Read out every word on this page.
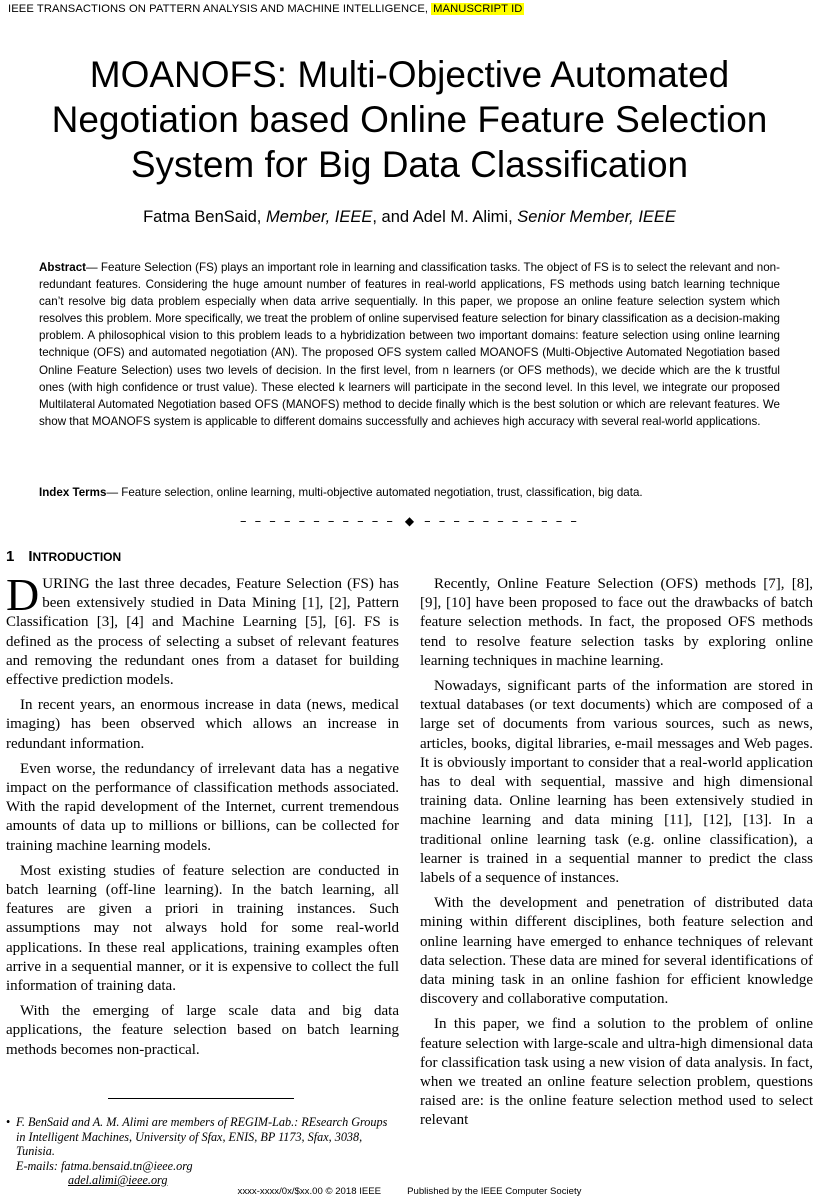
IEEE TRANSACTIONS ON PATTERN ANALYSIS AND MACHINE INTELLIGENCE, MANUSCRIPT ID
MOANOFS: Multi-Objective Automated
Negotiation based Online Feature Selection
System for Big Data Classification
Fatma BenSaid, Member, IEEE, and Adel M. Alimi, Senior Member, IEEE
Abstract— Feature Selection (FS) plays an important role in learning and classification tasks. The object of FS is to select the relevant and non-redundant features. Considering the huge amount number of features in real-world applications, FS methods using batch learning technique can’t resolve big data problem especially when data arrive sequentially. In this paper, we propose an online feature selection system which resolves this problem. More specifically, we treat the problem of online supervised feature selection for binary classification as a decision-making problem. A philosophical vision to this problem leads to a hybridization between two important domains: feature selection using online learning technique (OFS) and automated negotiation (AN). The proposed OFS system called MOANOFS (Multi-Objective Automated Negotiation based Online Feature Selection) uses two levels of decision. In the first level, from n learners (or OFS methods), we decide which are the k trustful ones (with high confidence or trust value). These elected k learners will participate in the second level. In this level, we integrate our proposed Multilateral Automated Negotiation based OFS (MANOFS) method to decide finally which is the best solution or which are relevant features. We show that MOANOFS system is applicable to different domains successfully and achieves high accuracy with several real-world applications.
Index Terms— Feature selection, online learning, multi-objective automated negotiation, trust, classification, big data.
– – – – – – – – – – – ◆ – – – – – – – – – – –
1 INTRODUCTION

DURING the last three decades, Feature Selection (FS) has been extensively studied in Data Mining [1], [2], Pattern Classification [3], [4] and Machine Learning [5], [6]. FS is defined as the process of selecting a subset of relevant features and removing the redundant ones from a dataset for building effective prediction models.

In recent years, an enormous increase in data (news, medical imaging) has been observed which allows an increase in redundant information.

Even worse, the redundancy of irrelevant data has a negative impact on the performance of classification methods associated. With the rapid development of the Internet, current tremendous amounts of data up to millions or billions, can be collected for training machine learning models.

Most existing studies of feature selection are conducted in batch learning (off-line learning). In the batch learning, all features are given a priori in training instances. Such assumptions may not always hold for some real-world applications. In these real applications, training examples often arrive in a sequential manner, or it is expensive to collect the full information of training data.

With the emerging of large scale data and big data applications, the feature selection based on batch learning methods becomes non-practical.

Recently, Online Feature Selection (OFS) methods [7], [8], [9], [10] have been proposed to face out the drawbacks of batch feature selection methods. In fact, the proposed OFS methods tend to resolve feature selection tasks by exploring online learning techniques in machine learning.

Nowadays, significant parts of the information are stored in textual databases (or text documents) which are composed of a large set of documents from various sources, such as news, articles, books, digital libraries, e-mail messages and Web pages. It is obviously important to consider that a real-world application has to deal with sequential, massive and high dimensional training data. Online learning has been extensively studied in machine learning and data mining [11], [12], [13]. In a traditional online learning task (e.g. online classification), a learner is trained in a sequential manner to predict the class labels of a sequence of instances.

With the development and penetration of distributed data mining within different disciplines, both feature selection and online learning have emerged to enhance techniques of relevant data selection. These data are mined for several identifications of data mining task in an online fashion for efficient knowledge discovery and collaborative computation.

In this paper, we find a solution to the problem of online feature selection with large-scale and ultra-high dimensional data for classification task using a new vision of data analysis. In fact, when we treated an online feature selection problem, questions raised are: is the online feature selection method used to select relevant

• F. BenSaid and A. M. Alimi are members of REGIM-Lab.: REsearch Groups in Intelligent Machines, University of Sfax, ENIS, BP 1173, Sfax, 3038, Tunisia.
E-mails: fatma.bensaid.tn@ieee.org
adel.alimi@ieee.org
xxxx-xxxx/0x/$xx.00 © 2018 IEEE	Published by the IEEE Computer Society
